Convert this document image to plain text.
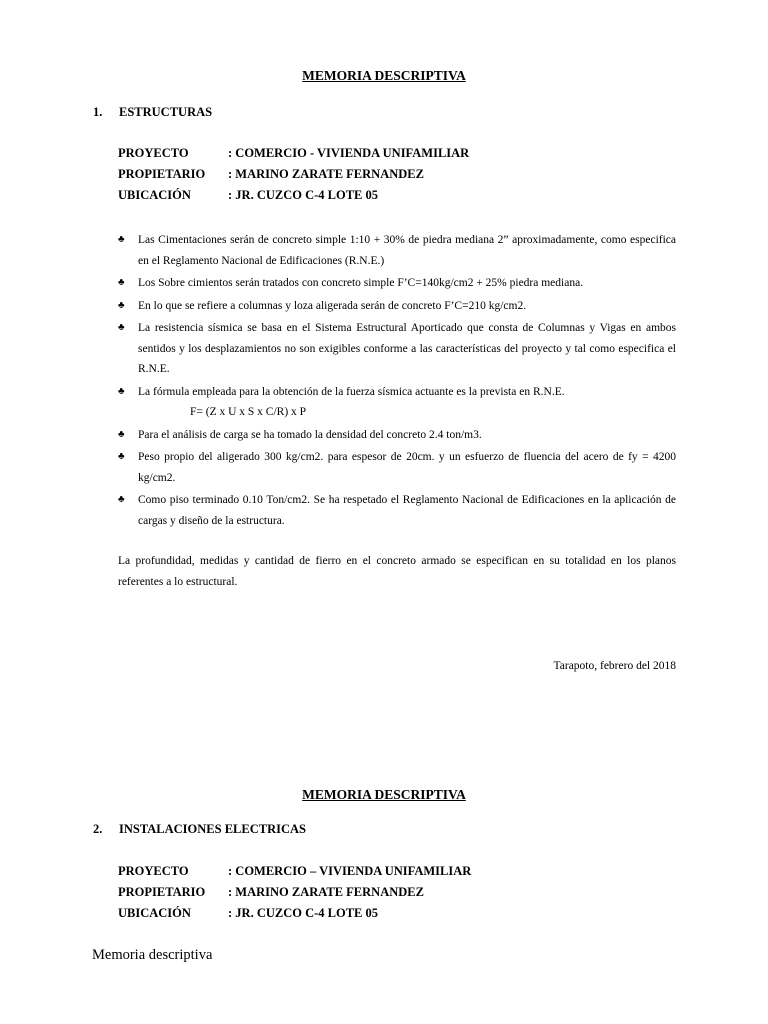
MEMORIA DESCRIPTIVA
1. ESTRUCTURAS
PROYECTO	: COMERCIO - VIVIENDA UNIFAMILIAR
PROPIETARIO : MARINO ZARATE FERNANDEZ
UBICACIÓN	: JR. CUZCO C-4 LOTE 05
♣	Las Cimentaciones serán de concreto simple 1:10 + 30% de piedra mediana 2” aproximadamente, como especifica en el Reglamento Nacional de Edificaciones (R.N.E.)
♣	Los Sobre cimientos serán tratados con concreto simple F’C=140kg/cm2 + 25% piedra mediana.
♣	En lo que se refiere a columnas y loza aligerada serán de concreto F’C=210 kg/cm2.
♣	La resistencia sísmica se basa en el Sistema Estructural Aporticado que consta de Columnas y Vigas en ambos sentidos y los desplazamientos no son exigibles conforme a las características del proyecto y tal como especifica el R.N.E.
♣	La fórmula empleada para la obtención de la fuerza sísmica actuante es la prevista en R.N.E.
F= (Z x U x S x C/R) x P
♣	Para el análisis de carga se ha tomado la densidad del concreto 2.4 ton/m3.
♣	Peso propio del aligerado 300 kg/cm2. para espesor de 20cm. y un esfuerzo de fluencia del acero de fy = 4200 kg/cm2.
♣	Como piso terminado 0.10 Ton/cm2. Se ha respetado el Reglamento Nacional de Edificaciones en la aplicación de cargas y diseño de la estructura.
La profundidad, medidas y cantidad de fierro en el concreto armado se especifican en su totalidad en los planos referentes a lo estructural.
Tarapoto, febrero del 2018
MEMORIA DESCRIPTIVA
2. INSTALACIONES ELECTRICAS
PROYECTO	: COMERCIO – VIVIENDA UNIFAMILIAR
PROPIETARIO : MARINO ZARATE FERNANDEZ
UBICACIÓN	: JR. CUZCO C-4 LOTE 05
Memoria descriptiva
